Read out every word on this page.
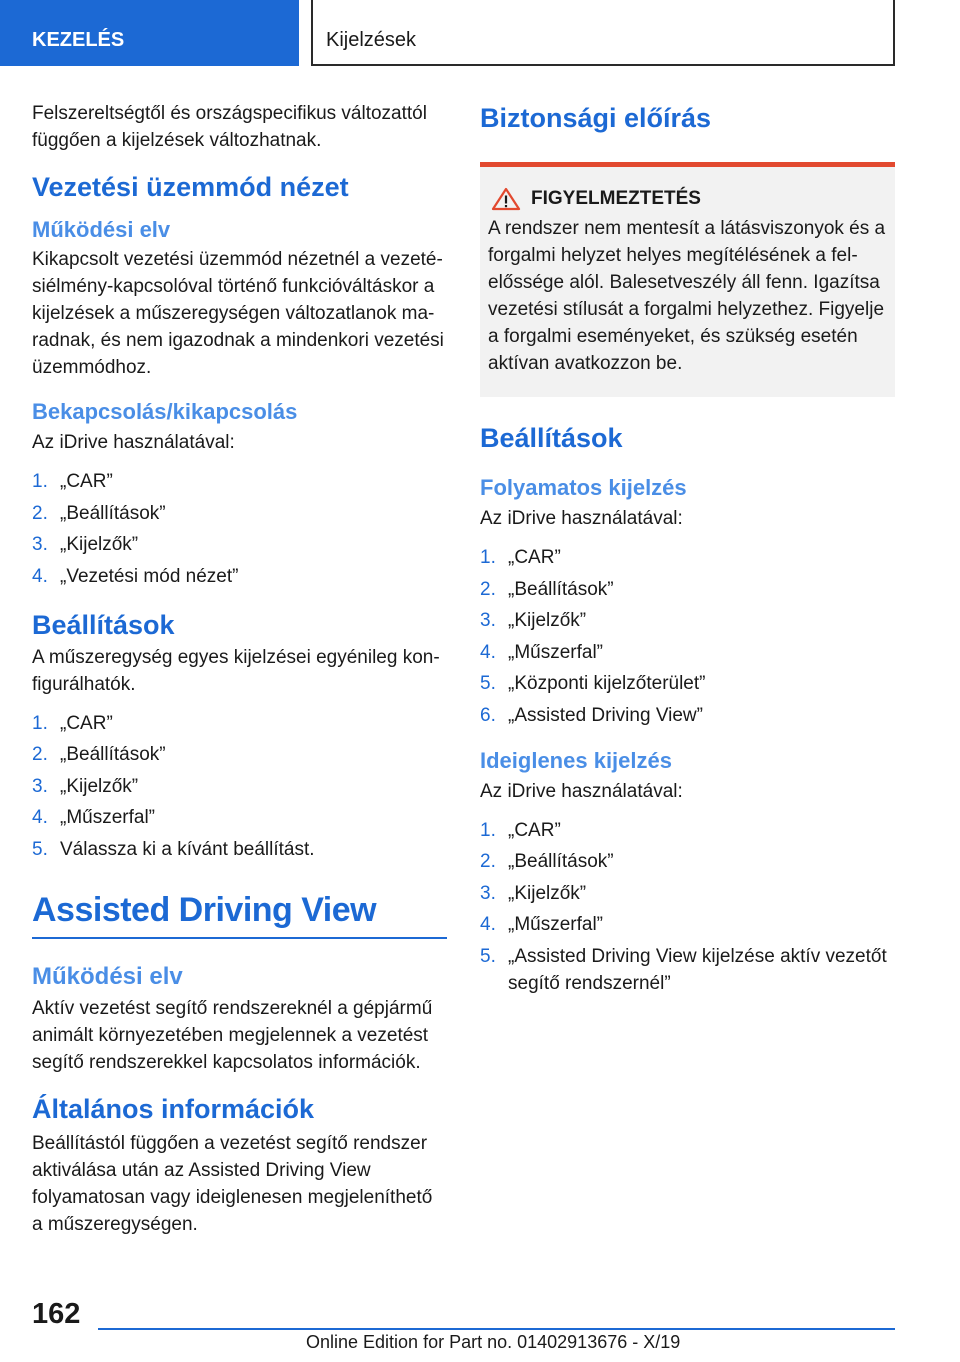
KEZELÉS	Kijelzések

Felszereltségtől és országspecifikus változattól függően a kijelzések változhatnak.

Vezetési üzemmód nézet
Működési elv

Kikapcsolt vezetési üzemmód nézetnél a vezetésiélmény-kapcsolóval történő funkcióváltáskor a kijelzések a műszeregységen változatlanok maradnak, és nem igazodnak a mindenkori vezetési üzemmódhoz.

Bekapcsolás/kikapcsolás

Az iDrive használatával:

1. „CAR”
2. „Beállítások”
3. „Kijelzők”
4. „Vezetési mód nézet”
Beállítások

A műszeregység egyes kijelzései egyénileg konfigurálhatók.

1. „CAR”
2. „Beállítások”
3. „Kijelzők”
4. „Műszerfal”
5. Válassza ki a kívánt beállítást.
Assisted Driving View
Működési elv

Aktív vezetést segítő rendszereknél a gépjármű animált környezetében megjelennek a vezetést segítő rendszerekkel kapcsolatos információk.

Általános információk

Beállítástól függően a vezetést segítő rendszer aktiválása után az Assisted Driving View folyamatosan vagy ideiglenesen megjeleníthető a műszeregységen.

Biztonsági előírás
FIGYELMEZTETÉS

A rendszer nem mentesít a látásviszonyok és a forgalmi helyzet helyes megítélésének a felelőssége alól. Balesetveszély áll fenn. Igazítsa vezetési stílusát a forgalmi helyzethez. Figyelje a forgalmi eseményeket, és szükség esetén aktívan avatkozzon be.

Beállítások
Folyamatos kijelzés

Az iDrive használatával:

1. „CAR”
2. „Beállítások”
3. „Kijelzők”
4. „Műszerfal”
5. „Központi kijelzőterület”
6. „Assisted Driving View”
Ideiglenes kijelzés

Az iDrive használatával:

1. „CAR”
2. „Beállítások”
3. „Kijelzők”
4. „Műszerfal”
5. „Assisted Driving View kijelzése aktív vezetőt segítő rendszernél”
162
Online Edition for Part no. 01402913676 - X/19
